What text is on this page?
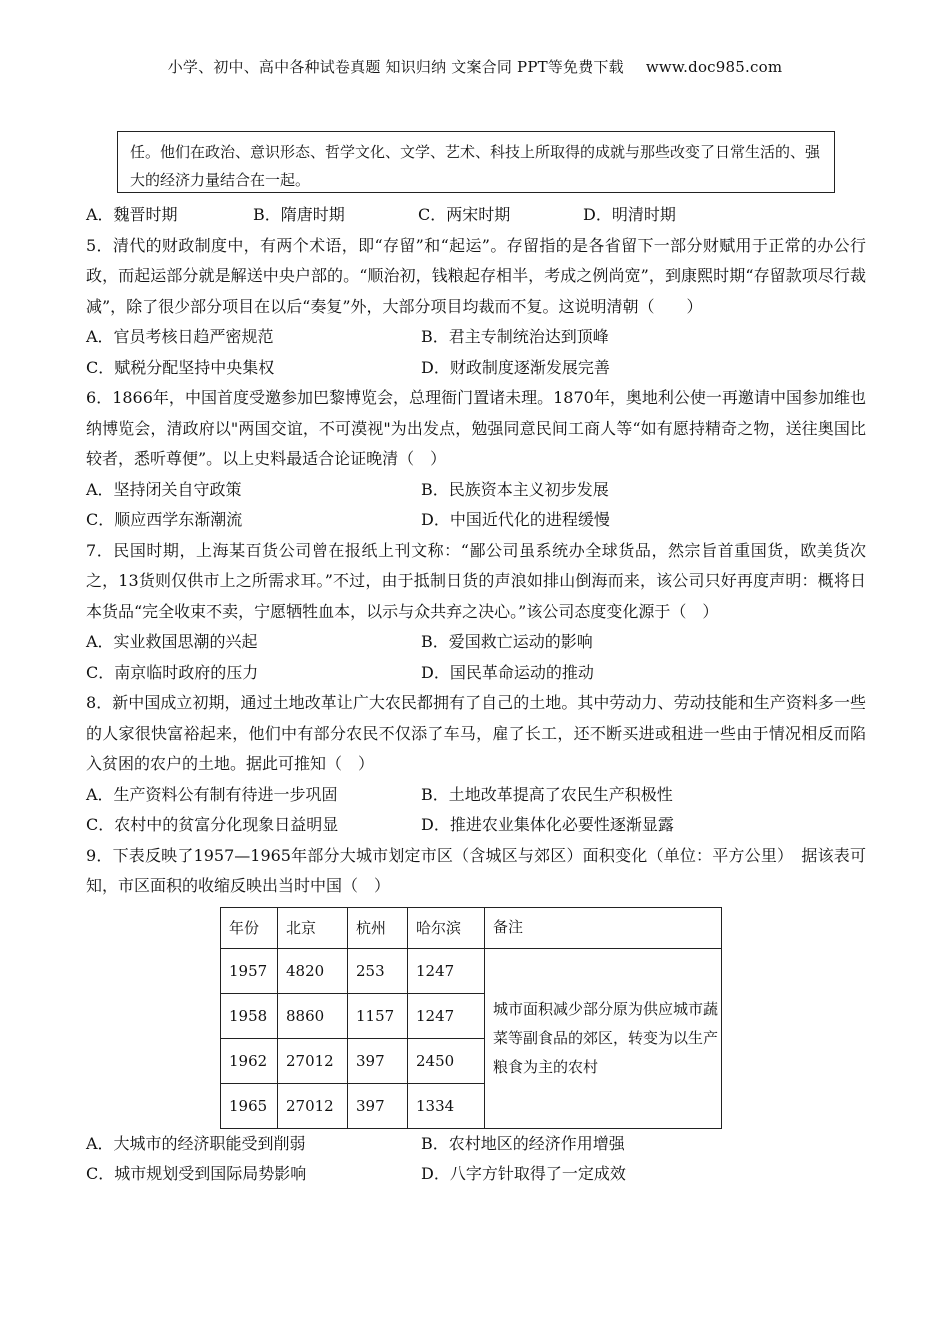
小学、初中、高中各种试卷真题 知识归纳 文案合同 PPT等免费下载 www.doc985.com
任。他们在政治、意识形态、哲学文化、文学、艺术、科技上所取得的成就与那些改变了日常生活的、强大的经济力量结合在一起。
A．魏晋时期	B．隋唐时期	C．两宋时期	D．明清时期
5．清代的财政制度中，有两个术语，即“存留”和“起运”。存留指的是各省留下一部分财赋用于正常的办公行政，而起运部分就是解送中央户部的。“顺治初，钱粮起存相半，考成之例尚宽”，到康熙时期“存留款项尽行裁减”，除了很少部分项目在以后“奏复”外，大部分项目均裁而不复。这说明清朝（　　）
A．官员考核日趋严密规范	B．君主专制统治达到顶峰
C．赋税分配坚持中央集权	D．财政制度逐渐发展完善
6．1866年，中国首度受邀参加巴黎博览会，总理衙门置诸未理。1870年，奥地利公使一再邀请中国参加维也纳博览会，清政府以"两国交谊，不可漠视"为出发点，勉强同意民间工商人等“如有愿持精奇之物，送往奥国比较者，悉听尊便”。以上史料最适合论证晚清（　）
A．坚持闭关自守政策	B．民族资本主义初步发展
C．顺应西学东渐潮流	D．中国近代化的进程缓慢
7．民国时期，上海某百货公司曾在报纸上刊文称：“鄙公司虽系统办全球货品，然宗旨首重国货，欧美货次之，13货则仅供市上之所需求耳。”不过，由于抵制日货的声浪如排山倒海而来，该公司只好再度声明：概将日本货品“完全收束不卖，宁愿牺牲血本，以示与众共弃之决心。”该公司态度变化源于（　）
A．实业救国思潮的兴起	B．爱国救亡运动的影响
C．南京临时政府的压力	D．国民革命运动的推动
8．新中国成立初期，通过土地改革让广大农民都拥有了自己的土地。其中劳动力、劳动技能和生产资料多一些的人家很快富裕起来，他们中有部分农民不仅添了车马，雇了长工，还不断买进或租进一些由于情况相反而陷入贫困的农户的土地。据此可推知（　）
A．生产资料公有制有待进一步巩固	B．土地改革提高了农民生产积极性
C．农村中的贫富分化现象日益明显	D．推进农业集体化必要性逐渐显露
9．下表反映了1957—1965年部分大城市划定市区（含城区与郊区）面积变化（单位：平方公里）　据该表可知，市区面积的收缩反映出当时中国（　）
年份	北京	杭州	哈尔滨	备注
1957	4820	253	1247	城市面积减少部分原为供应城市蔬菜等副食品的郊区，转变为以生产粮食为主的农村
1958	8860	1157	1247	
1962	27012	397	2450	
1965	27012	397	1334	
A．大城市的经济职能受到削弱	B．农村地区的经济作用增强
C．城市规划受到国际局势影响	D．八字方针取得了一定成效
